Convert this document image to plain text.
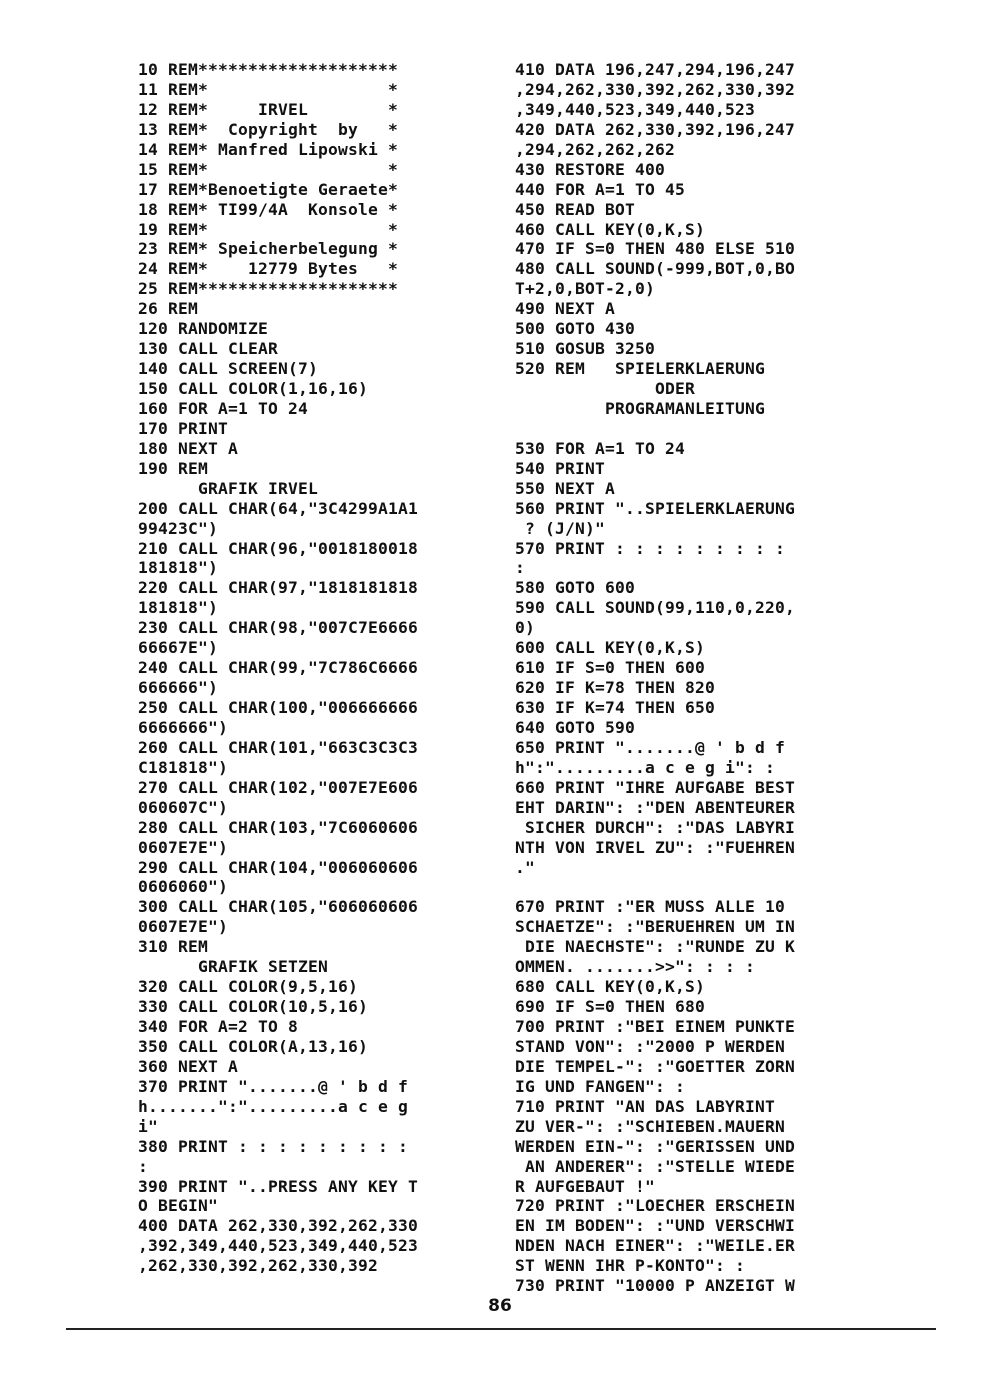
10 REM********************
11 REM*                  *
12 REM*     IRVEL        *
13 REM*  Copyright  by   *
14 REM* Manfred Lipowski *
15 REM*                  *
17 REM*Benoetigte Geraete*
18 REM* TI99/4A  Konsole *
19 REM*                  *
23 REM* Speicherbelegung *
24 REM*    12779 Bytes   *
25 REM********************
26 REM
120 RANDOMIZE
130 CALL CLEAR
140 CALL SCREEN(7)
150 CALL COLOR(1,16,16)
160 FOR A=1 TO 24
170 PRINT
180 NEXT A
190 REM
GRAFIK IRVEL
200 CALL CHAR(64,"3C4299A1A1
99423C")
210 CALL CHAR(96,"0018180018
181818")
220 CALL CHAR(97,"1818181818
181818")
230 CALL CHAR(98,"007C7E6666
66667E")
240 CALL CHAR(99,"7C786C6666
666666")
250 CALL CHAR(100,"006666666
6666666")
260 CALL CHAR(101,"663C3C3C3
C181818")
270 CALL CHAR(102,"007E7E606
060607C")
280 CALL CHAR(103,"7C6060606
0607E7E")
290 CALL CHAR(104,"006060606
0606060")
300 CALL CHAR(105,"606060606
0607E7E")
310 REM
GRAFIK SETZEN
320 CALL COLOR(9,5,16)
330 CALL COLOR(10,5,16)
340 FOR A=2 TO 8
350 CALL COLOR(A,13,16)
360 NEXT A
370 PRINT ".......@ ' b d f
h.......":".........a c e g
i"
380 PRINT : : : : : : : : :
:
390 PRINT "..PRESS ANY KEY T
O BEGIN"
400 DATA 262,330,392,262,330
,392,349,440,523,349,440,523
,262,330,392,262,330,392
410 DATA 196,247,294,196,247
,294,262,330,392,262,330,392
,349,440,523,349,440,523
420 DATA 262,330,392,196,247
,294,262,262,262
430 RESTORE 400
440 FOR A=1 TO 45
450 READ BOT
460 CALL KEY(0,K,S)
470 IF S=0 THEN 480 ELSE 510
480 CALL SOUND(-999,BOT,0,BO
T+2,0,BOT-2,0)
490 NEXT A
500 GOTO 430
510 GOSUB 3250
520 REM   SPIELERKLAERUNG
ODER
PROGRAMANLEITUNG
530 FOR A=1 TO 24
540 PRINT
550 NEXT A
560 PRINT "..SPIELERKLAERUNG
? (J/N)"
570 PRINT : : : : : : : : :
:
580 GOTO 600
590 CALL SOUND(99,110,0,220,
0)
600 CALL KEY(0,K,S)
610 IF S=0 THEN 600
620 IF K=78 THEN 820
630 IF K=74 THEN 650
640 GOTO 590
650 PRINT ".......@ ' b d f
h":".........a c e g i": :
660 PRINT "IHRE AUFGABE BEST
EHT DARIN": :"DEN ABENTEURER
SICHER DURCH": :"DAS LABYRI
NTH VON IRVEL ZU": :"FUEHREN
."
670 PRINT :"ER MUSS ALLE 10
SCHAETZE": :"BERUEHREN UM IN
DIE NAECHSTE": :"RUNDE ZU K
OMMEN. .......>>": : : :
680 CALL KEY(0,K,S)
690 IF S=0 THEN 680
700 PRINT :"BEI EINEM PUNKTE
STAND VON": :"2000 P WERDEN
DIE TEMPEL-": :"GOETTER ZORN
IG UND FANGEN": :
710 PRINT "AN DAS LABYRINT
ZU VER-": :"SCHIEBEN.MAUERN
WERDEN EIN-": :"GERISSEN UND
AN ANDERER": :"STELLE WIEDE
R AUFGEBAUT !"
720 PRINT :"LOECHER ERSCHEIN
EN IM BODEN": :"UND VERSCHWI
NDEN NACH EINER": :"WEILE.ER
ST WENN IHR P-KONTO": :
730 PRINT "10000 P ANZEIGT W
86
